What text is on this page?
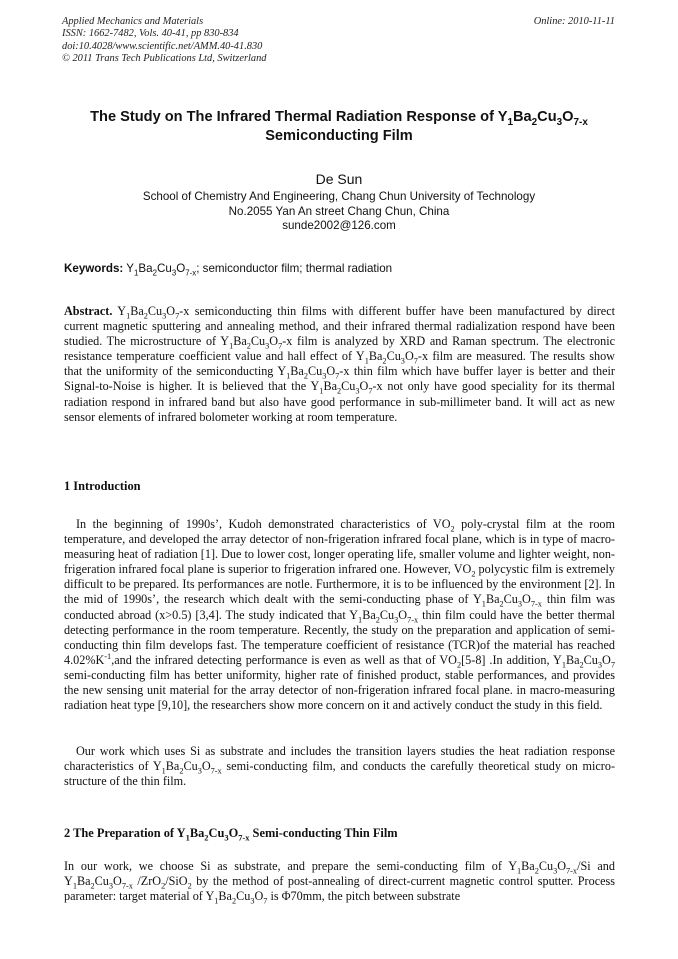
Applied Mechanics and Materials
ISSN: 1662-7482, Vols. 40-41, pp 830-834
doi:10.4028/www.scientific.net/AMM.40-41.830
© 2011 Trans Tech Publications Ltd, Switzerland
Online: 2010-11-11
The Study on The Infrared Thermal Radiation Response of $Y_1Ba_2Cu_3O_{7-x}$
Semiconducting Film
De Sun
School of Chemistry And Engineering, Chang Chun University of Technology
No.2055 Yan An street Chang Chun, China
sunde2002@126.com
Keywords: $Y_1Ba_2Cu_3O_{7-x}$; semiconductor film; thermal radiation

Abstract. $Y_1Ba_2Cu_3O_7-x$ semiconducting thin films with different buffer have been manufactured by direct current magnetic sputtering and annealing method, and their infrared thermal radialization respond have been studied. The microstructure of $Y_1Ba_2Cu_3O_7-x$ film is analyzed by XRD and Raman spectrum. The electronic resistance temperature coefficient value and hall effect of $Y_1Ba_2Cu_3O_7-x$ film are measured. The results show that the uniformity of the semiconducting $Y_1Ba_2Cu_3O_7-x$ thin film which have buffer layer is better and their Signal-to-Noise is higher. It is believed that the $Y_1Ba_2Cu_3O_7-x$ not only have good speciality for its thermal radiation respond in infrared band but also have good performance in sub-millimeter band. It will act as new sensor elements of infrared bolometer working at room temperature.

1 Introduction

In the beginning of 1990s’, Kudoh demonstrated characteristics of $VO_2$ poly-crystal film at the room temperature, and developed the array detector of non-frigeration infrared focal plane, which is in type of macro-measuring heat of radiation [1]. Due to lower cost, longer operating life, smaller volume and lighter weight, non-frigeration infrared focal plane is superior to frigeration infrared one. However, $VO_2$ polycystic film is extremely difficult to be prepared. Its performances are notle. Furthermore, it is to be influenced by the environment [2]. In the mid of 1990s’, the research which dealt with the semi-conducting phase of $Y_1Ba_2Cu_3O_{7-x}$ thin film was conducted abroad (x>0.5) [3,4]. The study indicated that $Y_1Ba_2Cu_3O_{7-x}$ thin film could have the better thermal detecting performance in the room temperature. Recently, the study on the preparation and application of semi-conducting thin film develops fast. The temperature coefficient of resistance (TCR)of the material has reached $4.02\%K^{-1},and$ the infrared detecting performance is even as well as that of $VO_2[5-8]$ .In addition, $Y_1Ba_2Cu_3O_7$ semi-conducting film has better uniformity, higher rate of finished product, stable performances, and provides the new sensing unit material for the array detector of non-frigeration infrared focal plane. in macro-measuring radiation heat type [9,10], the researchers show more concern on it and actively conduct the study in this field.

Our work which uses Si as substrate and includes the transition layers studies the heat radiation response characteristics of $Y_1Ba_2Cu_3O_{7-x}$ semi-conducting film, and conducts the carefully theoretical study on micro-structure of the thin film.

2 The Preparation of $Y_1Ba_2Cu_3O_{7-x}$ Semi-conducting Thin Film

In our work, we choose Si as substrate, and prepare the semi-conducting film of $Y_1Ba_2Cu_3O_{7-x}/Si$ and $Y_1Ba_2Cu_3O_{7-x}$ /ZrO$_2$/SiO$_2$ by the method of post-annealing of direct-current magnetic control sputter. Process parameter: target material of $Y_1Ba_2Cu_3O_7$ is Φ70mm, the pitch between substrate
